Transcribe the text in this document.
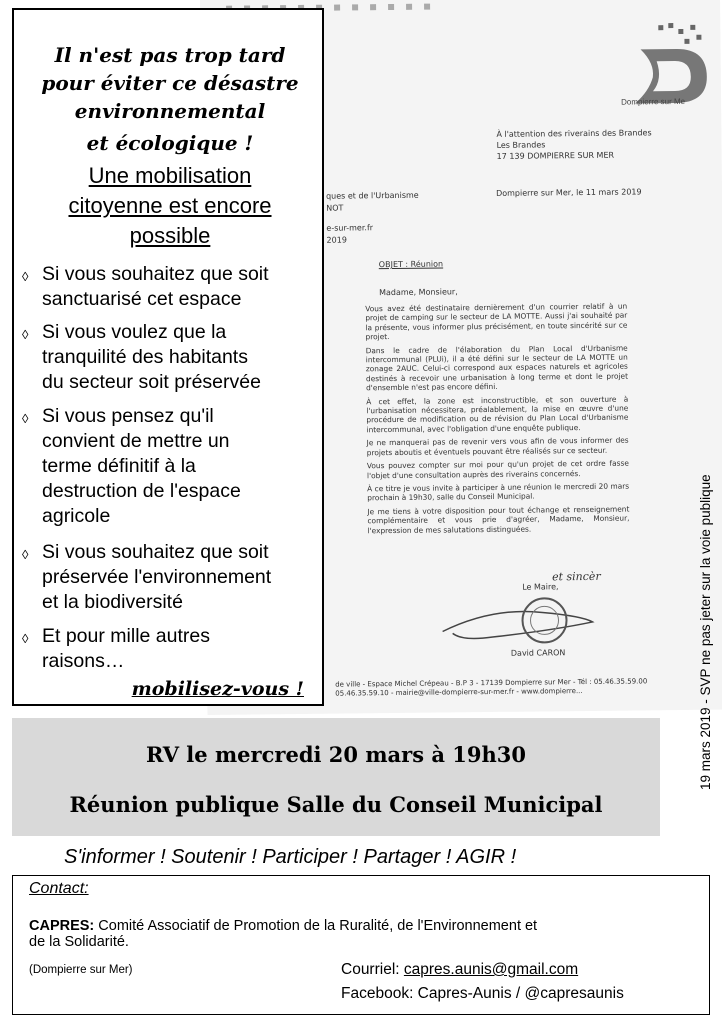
Dompierre sur Me
À l'attention des riverains des Brandes
Les Brandes
17 139 DOMPIERRE SUR MER
ques et de l'Urbanisme
NOT
e-sur-mer.fr
2019
Dompierre sur Mer, le 11 mars 2019
OBJET : Réunion
Madame, Monsieur,

Vous avez été destinataire dernièrement d'un courrier relatif à un projet de camping sur le secteur de LA MOTTE. Aussi j'ai souhaité par la présente, vous informer plus précisément, en toute sincérité sur ce projet.

Dans le cadre de l'élaboration du Plan Local d'Urbanisme intercommunal (PLUi), il a été défini sur le secteur de LA MOTTE un zonage 2AUC. Celui-ci correspond aux espaces naturels et agricoles destinés à recevoir une urbanisation à long terme et dont le projet d'ensemble n'est pas encore défini.

À cet effet, la zone est inconstructible, et son ouverture à l'urbanisation nécessitera, préalablement, la mise en œuvre d'une procédure de modification ou de révision du Plan Local d'Urbanisme intercommunal, avec l'obligation d'une enquête publique.

Je ne manquerai pas de revenir vers vous afin de vous informer des projets aboutis et éventuels pouvant être réalisés sur ce secteur.

Vous pouvez compter sur moi pour qu'un projet de cet ordre fasse l'objet d'une consultation auprès des riverains concernés.

À ce titre je vous invite à participer à une réunion le mercredi 20 mars prochain à 19h30, salle du Conseil Municipal.

Je me tiens à votre disposition pour tout échange et renseignement complémentaire et vous prie d'agréer, Madame, Monsieur, l'expression de mes salutations distinguées.

et sincèr
Le Maire,
David CARON
de ville - Espace Michel Crépeau - B.P 3 - 17139 Dompierre sur Mer - Tél : 05.46.35.59.00
05.46.35.59.10 - mairie@ville-dompierre-sur-mer.fr - www.dompierre...
Il n'est pas trop tard
pour éviter ce désastre
environnemental
et écologique !
Une mobilisation
citoyenne est encore
possible
◊ Si vous souhaitez que soit
sanctuarisé cet espace
◊ Si vous voulez que la
tranquilité des habitants
du secteur soit préservée
◊ Si vous pensez qu'il
convient de mettre un
terme définitif à la
destruction de l'espace
agricole
◊ Si vous souhaitez que soit
préservée l'environnement
et la biodiversité
◊ Et pour mille autres
raisons…
mobilisez-vous !	19 mars 2019 - SVP ne pas jeter sur la voie publique
RV le mercredi 20 mars à 19h30
Réunion publique Salle du Conseil Municipal
S'informer ! Soutenir ! Participer ! Partager ! AGIR !
Contact:
CAPRES: Comité Associatif de Promotion de la Ruralité, de l'Environnement et
de la Solidarité.
(Dompierre sur Mer)	Courriel: capres.aunis@gmail.com
Facebook: Capres-Aunis / @capresaunis
